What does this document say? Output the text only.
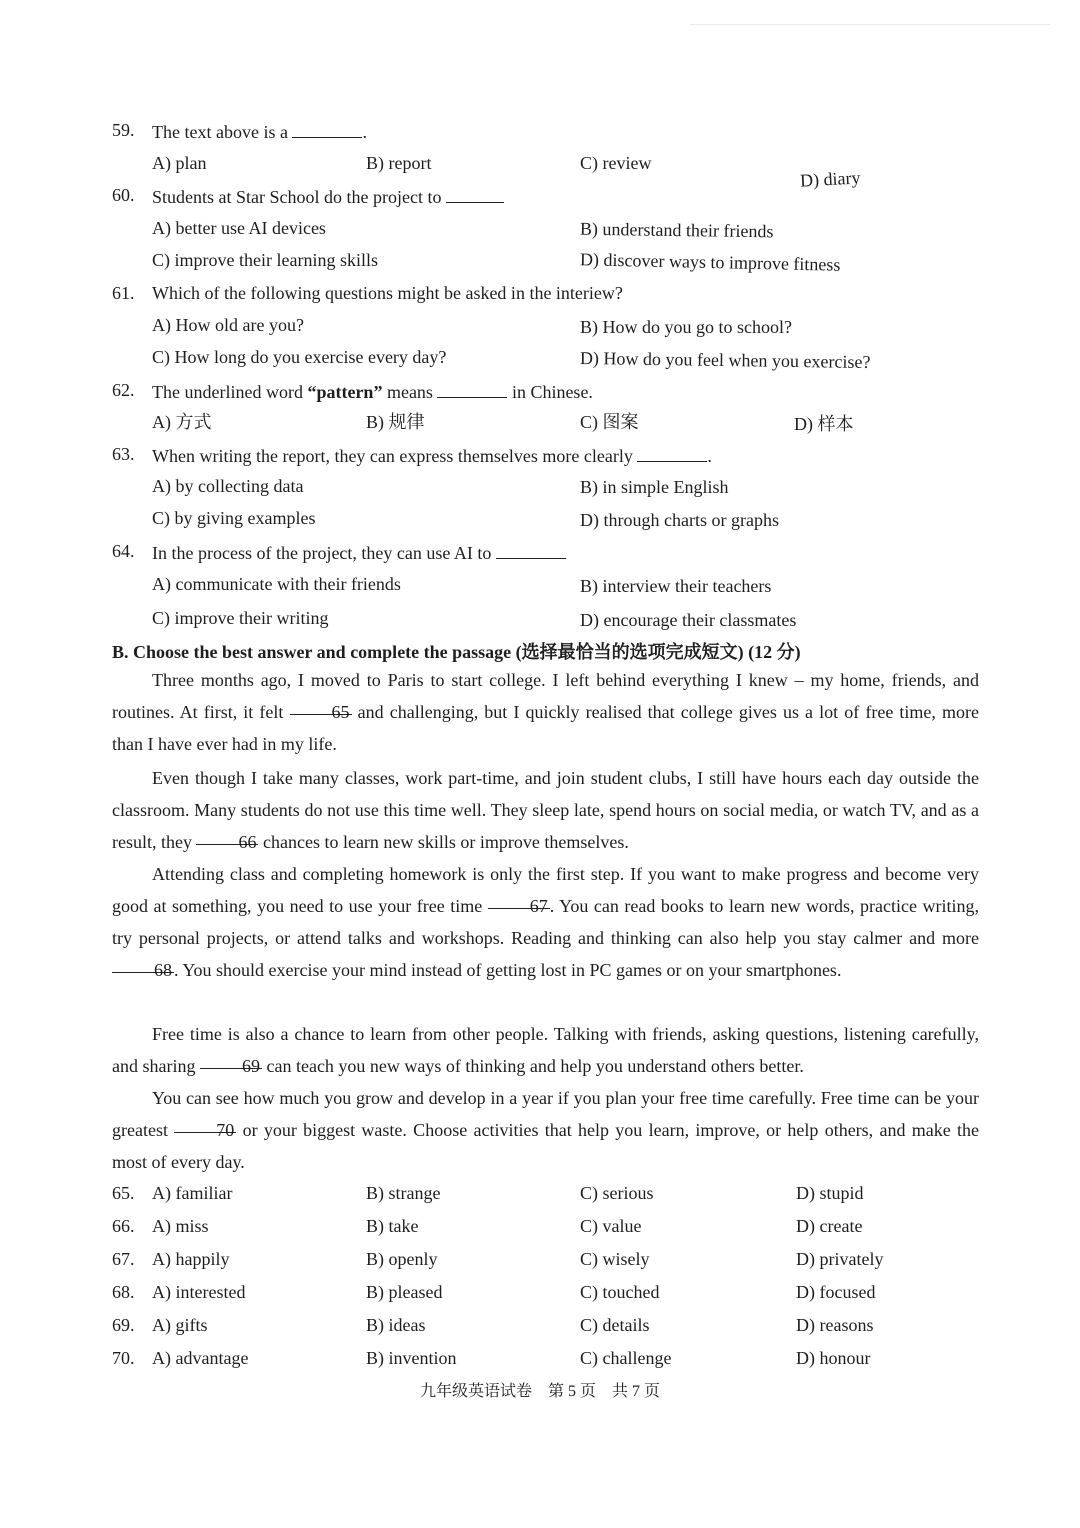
59. The text above is a	.
A) plan	B) report	C) review
D) diary
60. Students at Star School do the project to
A) better use AI devices	B) understand their friends
C) improve their learning skills	D) discover ways to improve fitness
61. Which of the following questions might be asked in the interiew?
A) How old are you?	B) How do you go to school?
C) How long do you exercise every day?	D) How do you feel when you exercise?
62. The underlined word “pattern” means	in Chinese.
A) 方式	B) 规律	C) 图案	D) 样本
63. When writing the report, they can express themselves more clearly	.
A) by collecting data	B) in simple English
C) by giving examples	D) through charts or graphs
64. In the process of the project, they can use AI to
A) communicate with their friends	B) interview their teachers
C) improve their writing	D) encourage their classmates
B. Choose the best answer and complete the passage (选择最恰当的选项完成短文) (12 分)
Three months ago, I moved to Paris to start college. I left behind everything I knew – my home, friends, and routines. At first, it felt	65 and challenging, but I quickly realised that college gives us a lot of free time, more than I have ever had in my life.
Even though I take many classes, work part-time, and join student clubs, I still have hours each day outside the classroom. Many students do not use this time well. They sleep late, spend hours on social media, or watch TV, and as a result, they	66 chances to learn new skills or improve themselves.
Attending class and completing homework is only the first step. If you want to make progress and become very good at something, you need to use your free time	67 . You can read books to learn new words, practice writing, try personal projects, or attend talks and workshops. Reading and thinking can also help you stay calmer and more 68 . You should exercise your mind instead of getting lost in PC games or on your smartphones.
Free time is also a chance to learn from other people. Talking with friends, asking questions, listening carefully, and sharing	69 can teach you new ways of thinking and help you understand others better.
You can see how much you grow and develop in a year if you plan your free time carefully. Free time can be your greatest	70 or your biggest waste. Choose activities that help you learn, improve, or help others, and make the most of every day.
65. A) familiar	B) strange	C) serious	D) stupid
66. A) miss	B) take	C) value	D) create
67. A) happily	B) openly	C) wisely	D) privately
68. A) interested	B) pleased	C) touched	D) focused
69. A) gifts	B) ideas	C) details	D) reasons
70. A) advantage	B) invention	C) challenge	D) honour
九年级英语试卷　第 5 页　共 7 页
